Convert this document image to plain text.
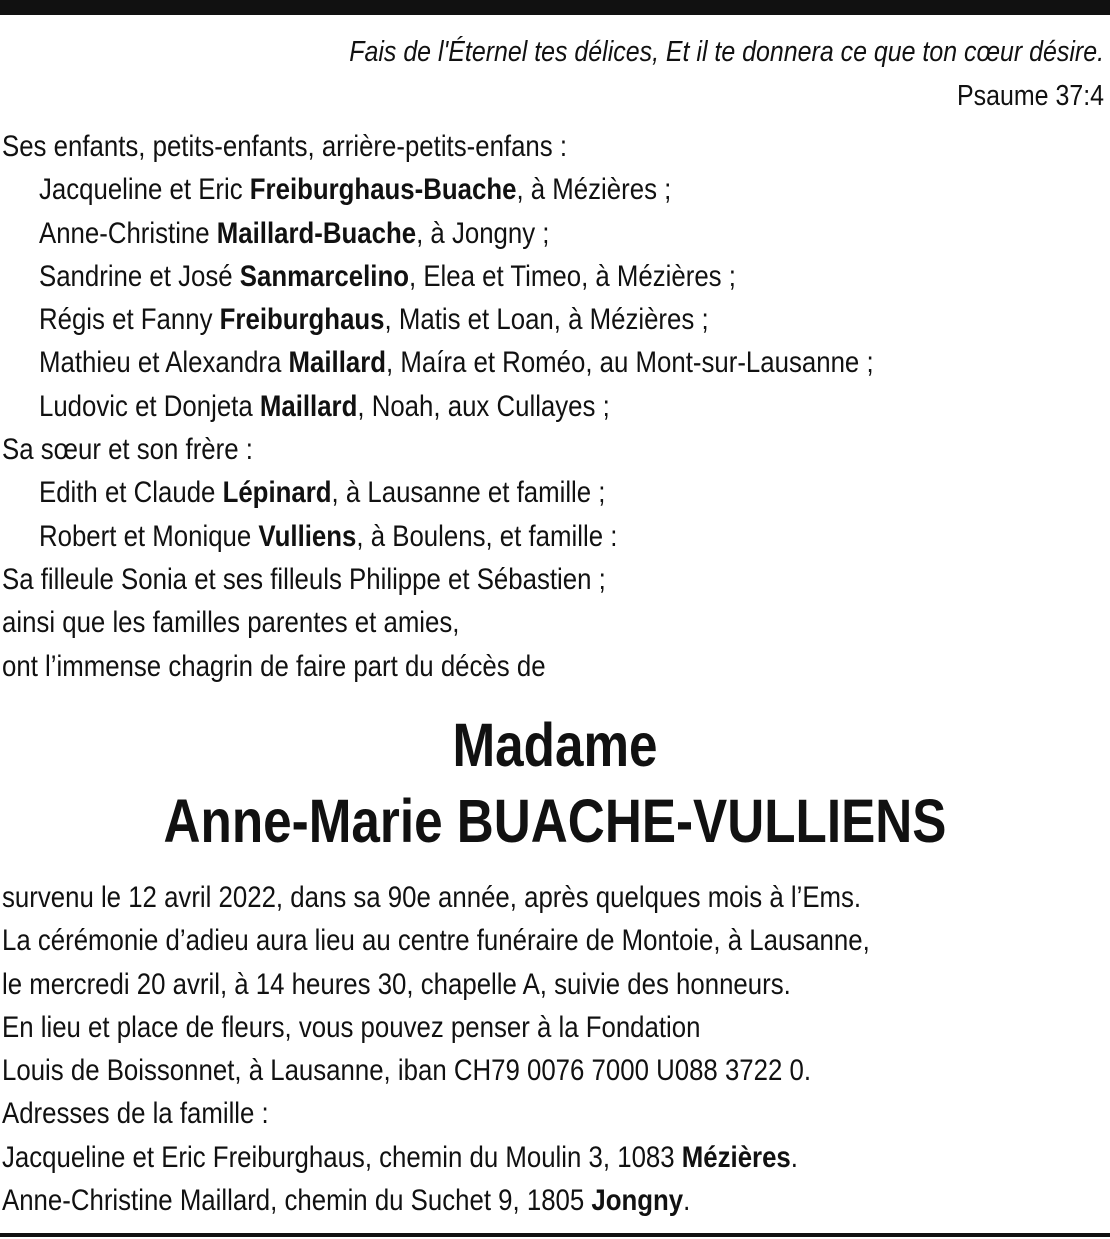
Fais de l'Éternel tes délices, Et il te donnera ce que ton cœur désire.
Psaume 37:4
Ses enfants, petits-enfants, arrière-petits-enfans :
Jacqueline et Eric Freiburghaus-Buache, à Mézières ;
Anne-Christine Maillard-Buache, à Jongny ;
Sandrine et José Sanmarcelino, Elea et Timeo, à Mézières ;
Régis et Fanny Freiburghaus, Matis et Loan, à Mézières ;
Mathieu et Alexandra Maillard, Maíra et Roméo, au Mont-sur-Lausanne ;
Ludovic et Donjeta Maillard, Noah, aux Cullayes ;
Sa sœur et son frère :
Edith et Claude Lépinard, à Lausanne et famille ;
Robert et Monique Vulliens, à Boulens, et famille :
Sa filleule Sonia et ses filleuls Philippe et Sébastien ;
ainsi que les familles parentes et amies,
ont l’immense chagrin de faire part du décès de
Madame
Anne-Marie BUACHE-VULLIENS
survenu le 12 avril 2022, dans sa 90e année, après quelques mois à l’Ems.
La cérémonie d’adieu aura lieu au centre funéraire de Montoie, à Lausanne,
le mercredi 20 avril, à 14 heures 30, chapelle A, suivie des honneurs.
En lieu et place de fleurs, vous pouvez penser à la Fondation
Louis de Boissonnet, à Lausanne, iban CH79 0076 7000 U088 3722 0.
Adresses de la famille :
Jacqueline et Eric Freiburghaus, chemin du Moulin 3, 1083 Mézières.
Anne-Christine Maillard, chemin du Suchet 9, 1805 Jongny.
